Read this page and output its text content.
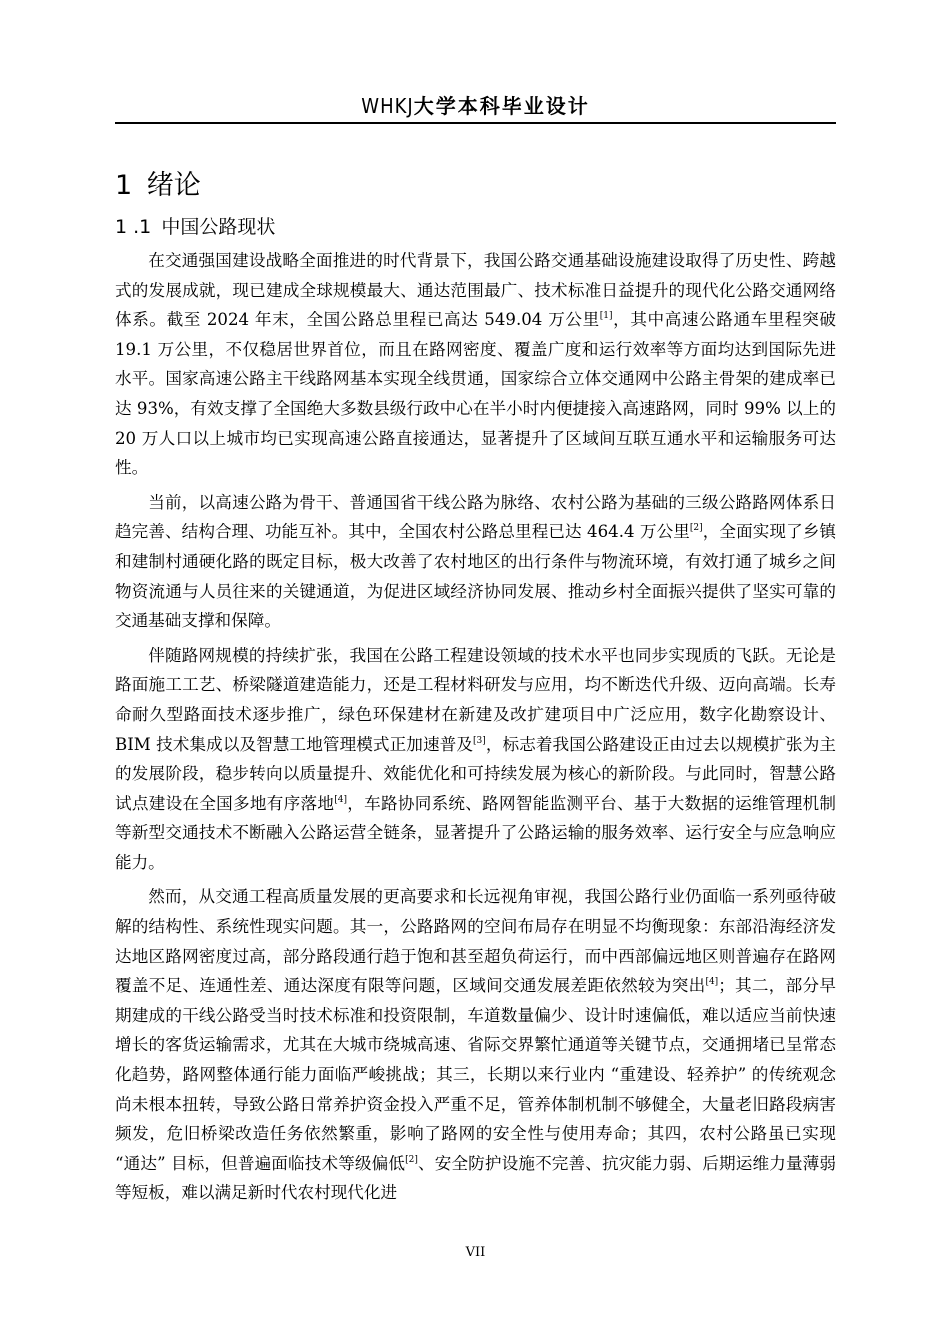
WHKJ大学本科毕业设计
1 绪论
1 .1 中国公路现状

在交通强国建设战略全面推进的时代背景下，我国公路交通基础设施建设取得了历史性、跨越式的发展成就，现已建成全球规模最大、通达范围最广、技术标准日益提升的现代化公路交通网络体系。截至 2024 年末，全国公路总里程已高达 549.04 万公里[1]，其中高速公路通车里程突破 19.1 万公里，不仅稳居世界首位，而且在路网密度、覆盖广度和运行效率等方面均达到国际先进水平。国家高速公路主干线路网基本实现全线贯通，国家综合立体交通网中公路主骨架的建成率已达 93%，有效支撑了全国绝大多数县级行政中心在半小时内便捷接入高速路网，同时 99% 以上的 20 万人口以上城市均已实现高速公路直接通达，显著提升了区域间互联互通水平和运输服务可达性。

当前，以高速公路为骨干、普通国省干线公路为脉络、农村公路为基础的三级公路路网体系日趋完善、结构合理、功能互补。其中，全国农村公路总里程已达 464.4 万公里[2]，全面实现了乡镇和建制村通硬化路的既定目标，极大改善了农村地区的出行条件与物流环境，有效打通了城乡之间物资流通与人员往来的关键通道，为促进区域经济协同发展、推动乡村全面振兴提供了坚实可靠的交通基础支撑和保障。

伴随路网规模的持续扩张，我国在公路工程建设领域的技术水平也同步实现质的飞跃。无论是路面施工工艺、桥梁隧道建造能力，还是工程材料研发与应用，均不断迭代升级、迈向高端。长寿命耐久型路面技术逐步推广，绿色环保建材在新建及改扩建项目中广泛应用，数字化勘察设计、BIM 技术集成以及智慧工地管理模式正加速普及[3]，标志着我国公路建设正由过去以规模扩张为主的发展阶段，稳步转向以质量提升、效能优化和可持续发展为核心的新阶段。与此同时，智慧公路试点建设在全国多地有序落地[4]，车路协同系统、路网智能监测平台、基于大数据的运维管理机制等新型交通技术不断融入公路运营全链条，显著提升了公路运输的服务效率、运行安全与应急响应能力。

然而，从交通工程高质量发展的更高要求和长远视角审视，我国公路行业仍面临一系列亟待破解的结构性、系统性现实问题。其一，公路路网的空间布局存在明显不均衡现象：东部沿海经济发达地区路网密度过高，部分路段通行趋于饱和甚至超负荷运行，而中西部偏远地区则普遍存在路网覆盖不足、连通性差、通达深度有限等问题，区域间交通发展差距依然较为突出[4]；其二，部分早期建成的干线公路受当时技术标准和投资限制，车道数量偏少、设计时速偏低，难以适应当前快速增长的客货运输需求，尤其在大城市绕城高速、省际交界繁忙通道等关键节点，交通拥堵已呈常态化趋势，路网整体通行能力面临严峻挑战；其三，长期以来行业内 “重建设、轻养护” 的传统观念尚未根本扭转，导致公路日常养护资金投入严重不足，管养体制机制不够健全，大量老旧路段病害频发，危旧桥梁改造任务依然繁重，影响了路网的安全性与使用寿命；其四，农村公路虽已实现 “通达” 目标，但普遍面临技术等级偏低[2]、安全防护设施不完善、抗灾能力弱、后期运维力量薄弱等短板，难以满足新时代农村现代化进

VII
